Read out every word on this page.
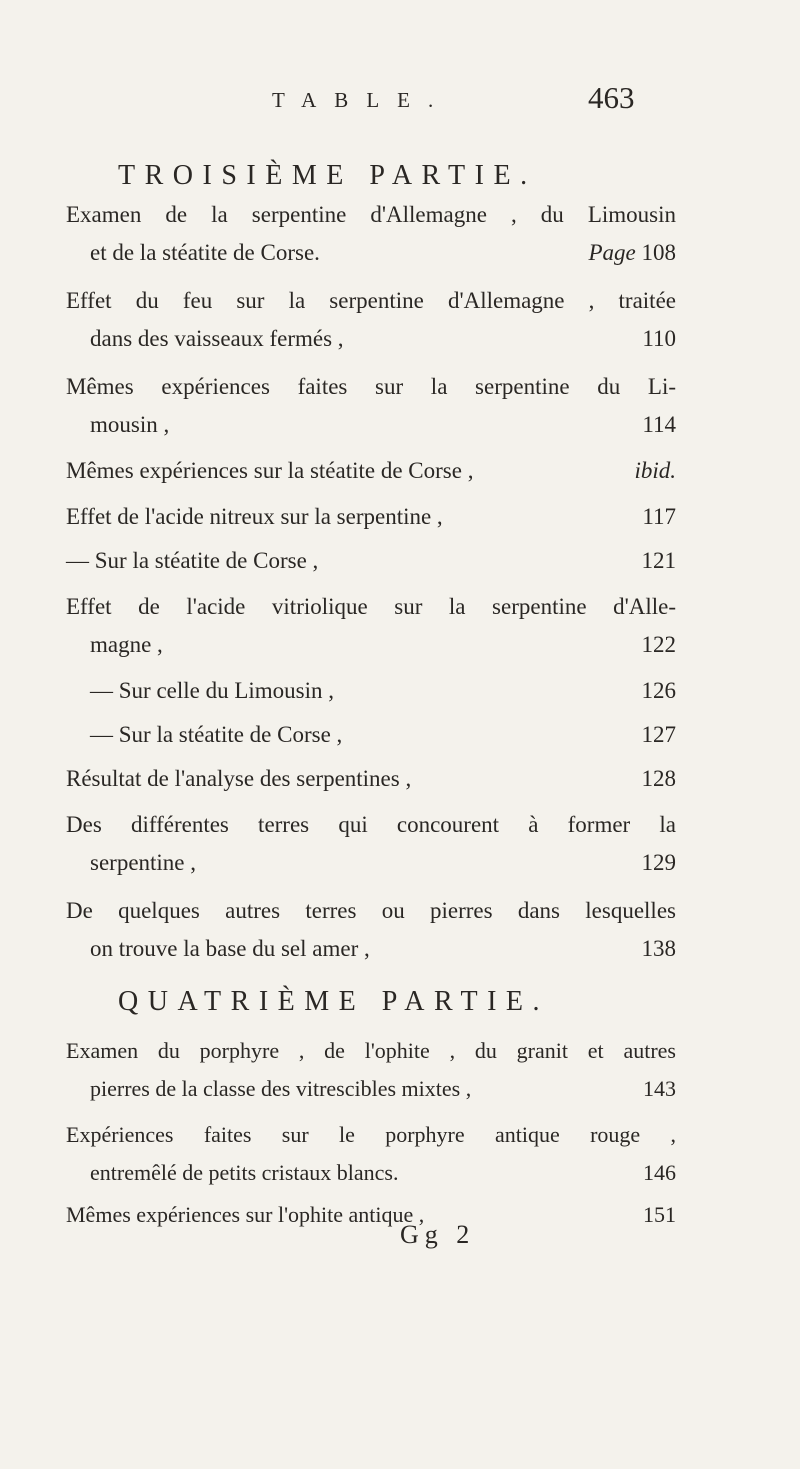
TABLE.	463
TROISIÈME PARTIE.
Examen de la serpentine d'Allemagne , du Limousin
et de la stéatite de Corse.	Page 108
Effet du feu sur la serpentine d'Allemagne , traitée
dans des vaisseaux fermés ,	110
Mêmes expériences faites sur la serpentine du Li-
mousin ,	114
Mêmes expériences sur la stéatite de Corse ,	ibid.
Effet de l'acide nitreux sur la serpentine ,	117
— Sur la stéatite de Corse ,	121
Effet de l'acide vitriolique sur la serpentine d'Alle-
magne ,	122
— Sur celle du Limousin ,	126
— Sur la stéatite de Corse ,	127
Résultat de l'analyse des serpentines ,	128
Des différentes terres qui concourent à former la
serpentine ,	129
De quelques autres terres ou pierres dans lesquelles
on trouve la base du sel amer ,	138
QUATRIÈME PARTIE.
Examen du porphyre , de l'ophite , du granit et autres
pierres de la classe des vitrescibles mixtes ,	143
Expériences faites sur le porphyre antique rouge ,
entremêlé de petits cristaux blancs.	146
Mêmes expériences sur l'ophite antique ,	151
Gg 2
